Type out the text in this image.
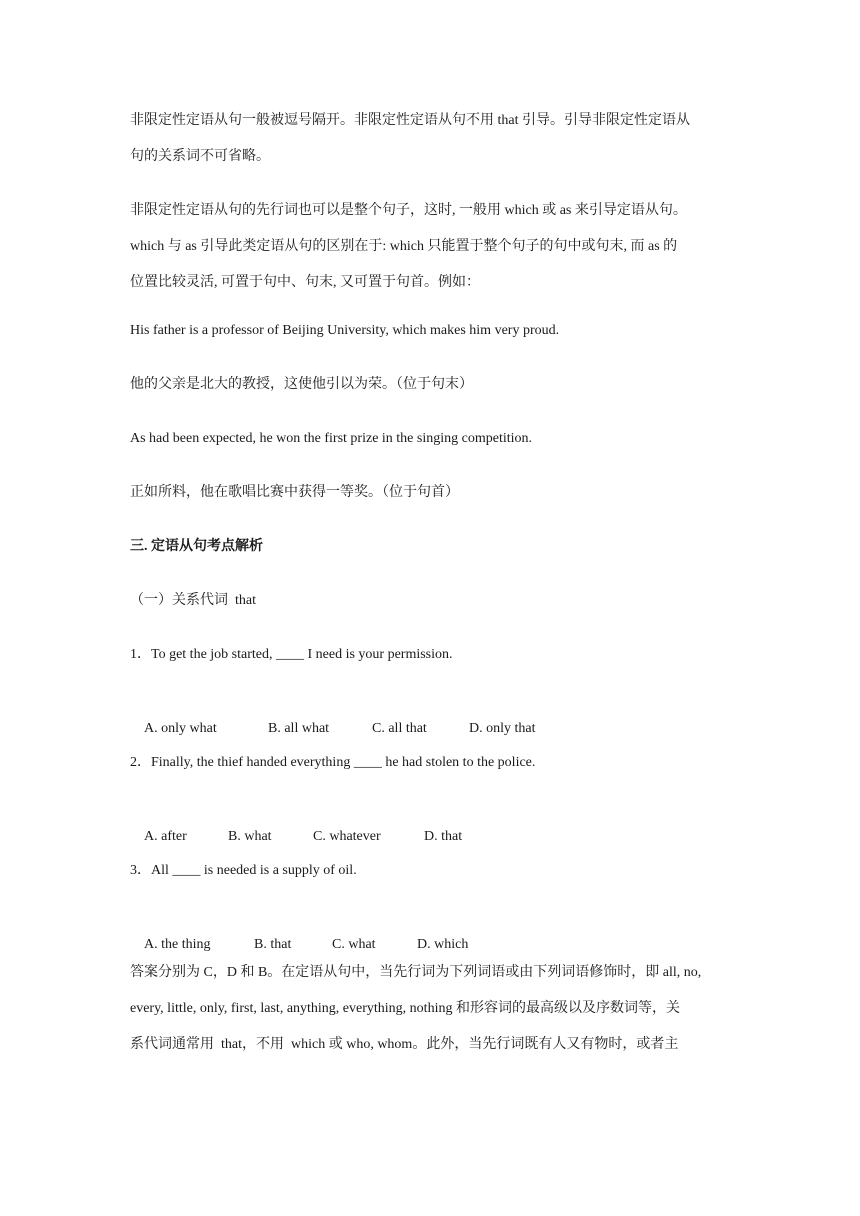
非限定性定语从句一般被逗号隔开。非限定性定语从句不用 that 引导。引导非限定性定语从
句的关系词不可省略。
非限定性定语从句的先行词也可以是整个句子，这时, 一般用 which 或 as 来引导定语从句。
which 与 as 引导此类定语从句的区别在于: which 只能置于整个句子的句中或句末, 而 as 的
位置比较灵活, 可置于句中、句末, 又可置于句首。例如：
His father is a professor of Beijing University, which makes him very proud.
他的父亲是北大的教授，这使他引以为荣。（位于句末）
As had been expected, he won the first prize in the singing competition.
正如所料，他在歌唱比赛中获得一等奖。（位于句首）
三. 定语从句考点解析
（一）关系代词  that
1．To get the job started, ____ I need is your permission.

A. only what	B. all what	C. all that	D. only that

2．Finally, the thief handed everything ____ he had stolen to the police.

A. after	B. what	C. whatever	D. that

3．All ____ is needed is a supply of oil.

A. the thing	B. that	C. what	D. which

答案分别为 C，D 和 B。在定语从句中，当先行词为下列词语或由下列词语修饰时，即 all, no,
every, little, only, first, last, anything, everything, nothing 和形容词的最高级以及序数词等，关
系代词通常用  that，不用  which 或 who, whom。此外，当先行词既有人又有物时，或者主
